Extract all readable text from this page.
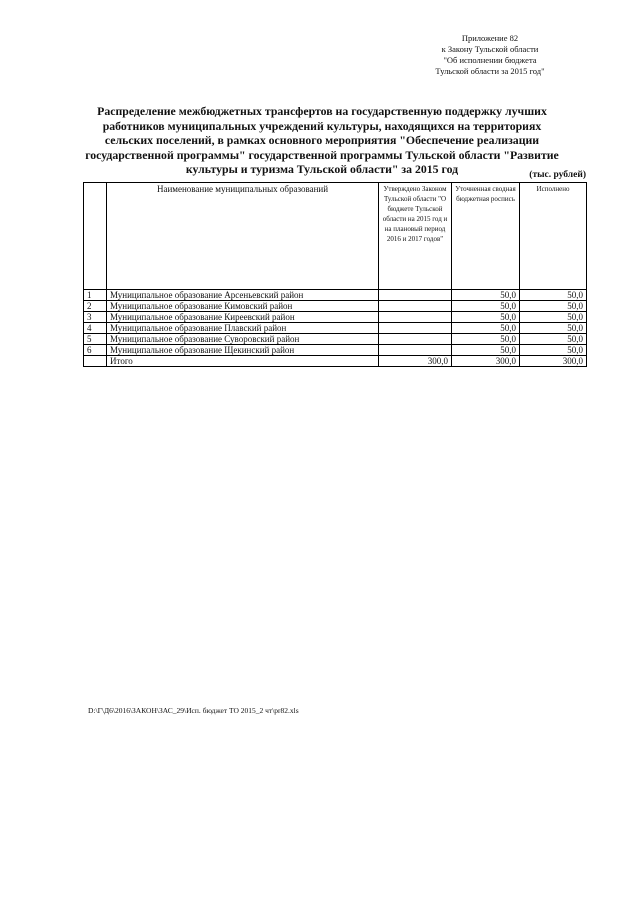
Приложение 82
к Закону Тульской области
"Об исполнении бюджета
Тульской области за 2015 год"
Распределение межбюджетных трансфертов на государственную поддержку лучших
работников муниципальных учреждений культуры, находящихся на территориях
сельских поселений, в рамках основного мероприятия "Обеспечение реализации
государственной программы" государственной программы Тульской области "Развитие
культуры и туризма Тульской области" за 2015 год	(тыс. рублей)
	Наименование муниципальных образований	Утверждено Законом Тульской области "О бюджете Тульской области на 2015 год и на плановый период 2016 и 2017 годов"	Уточненная сводная бюджетная роспись	Исполнено
1	Муниципальное образование Арсеньевский район		50,0	50,0
2	Муниципальное образование Кимовский район		50,0	50,0
3	Муниципальное образование Киреевский район		50,0	50,0
4	Муниципальное образование Плавский район		50,0	50,0
5	Муниципальное образование Суворовский район		50,0	50,0
6	Муниципальное образование Щекинский район		50,0	50,0
	Итого	300,0	300,0	300,0
D:\Г\Д6\2016\ЗАКОН\ЗАС_29\Исп. бюджет ТО 2015_2 чт\pr82.xls
